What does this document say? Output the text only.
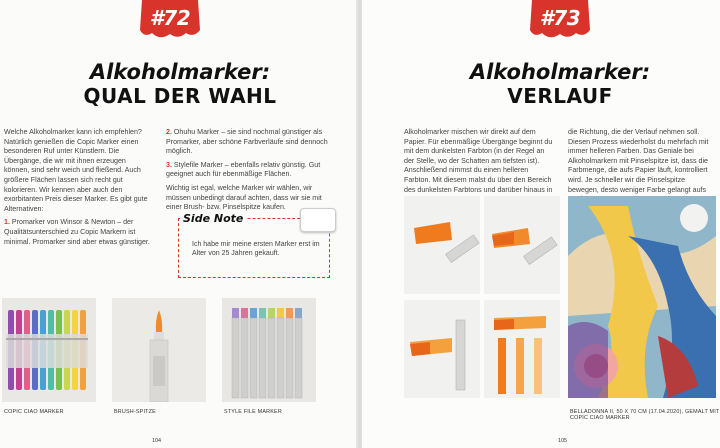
#72
Alkoholmarker:
QUAL DER WAHL

Welche Alkoholmarker kann ich empfehlen? Natürlich genießen die Copic Marker einen besonderen Ruf unter Künstlern. Die Übergänge, die wir mit ihnen erzeugen können, sind sehr weich und fließend. Auch größere Flächen lassen sich recht gut kolorieren. Wir kennen aber auch den exorbitanten Preis dieser Marker. Es gibt gute Alternativen:

1. Promarker von Winsor & Newton – der Qualitätsunterschied zu Copic Markern ist minimal. Promarker sind aber etwas günstiger.

2. Ohuhu Marker – sie sind nochmal günstiger als Promarker, aber schöne Farbverläufe sind dennoch möglich.

3. Stylefile Marker – ebenfalls relativ günstig. Gut geeignet auch für ebenmäßige Flächen.

Wichtig ist egal, welche Marker wir wählen, wir müssen unbedingt darauf achten, dass wir sie mit einer Brush- bzw. Pinselspitze kaufen.

Side Note
Ich habe mir meine ersten Marker erst im Alter von 25 Jahren gekauft.
COPIC CIAO MARKER	BRUSH-SPITZE	STYLE FILE MARKER
104
#73
Alkoholmarker:
VERLAUF
Alkoholmarker mischen wir direkt auf dem Papier. Für ebenmäßige Übergänge beginnt du mit dem dunkelsten Farbton (in der Regel an der Stelle, wo der Schatten am tiefsten ist). Anschließend nimmst du einen helleren Farbton. Mit diesem malst du über den Bereich des dunkelsten Farbtons und darüber hinaus in
die Richtung, die der Verlauf nehmen soll. Diesen Prozess wiederholst du mehrfach mit immer helleren Farben. Das Geniale bei Alkoholmarkern mit Pinselspitze ist, dass die Farbmenge, die aufs Papier läuft, kontrolliert wird. Je schneller wir die Pinselspitze bewegen, desto weniger Farbe gelangt aufs
BELLADONNA II, 50 X 70 CM (17.04.2020), GEMALT MIT COPIC CIAO MARKER
105
